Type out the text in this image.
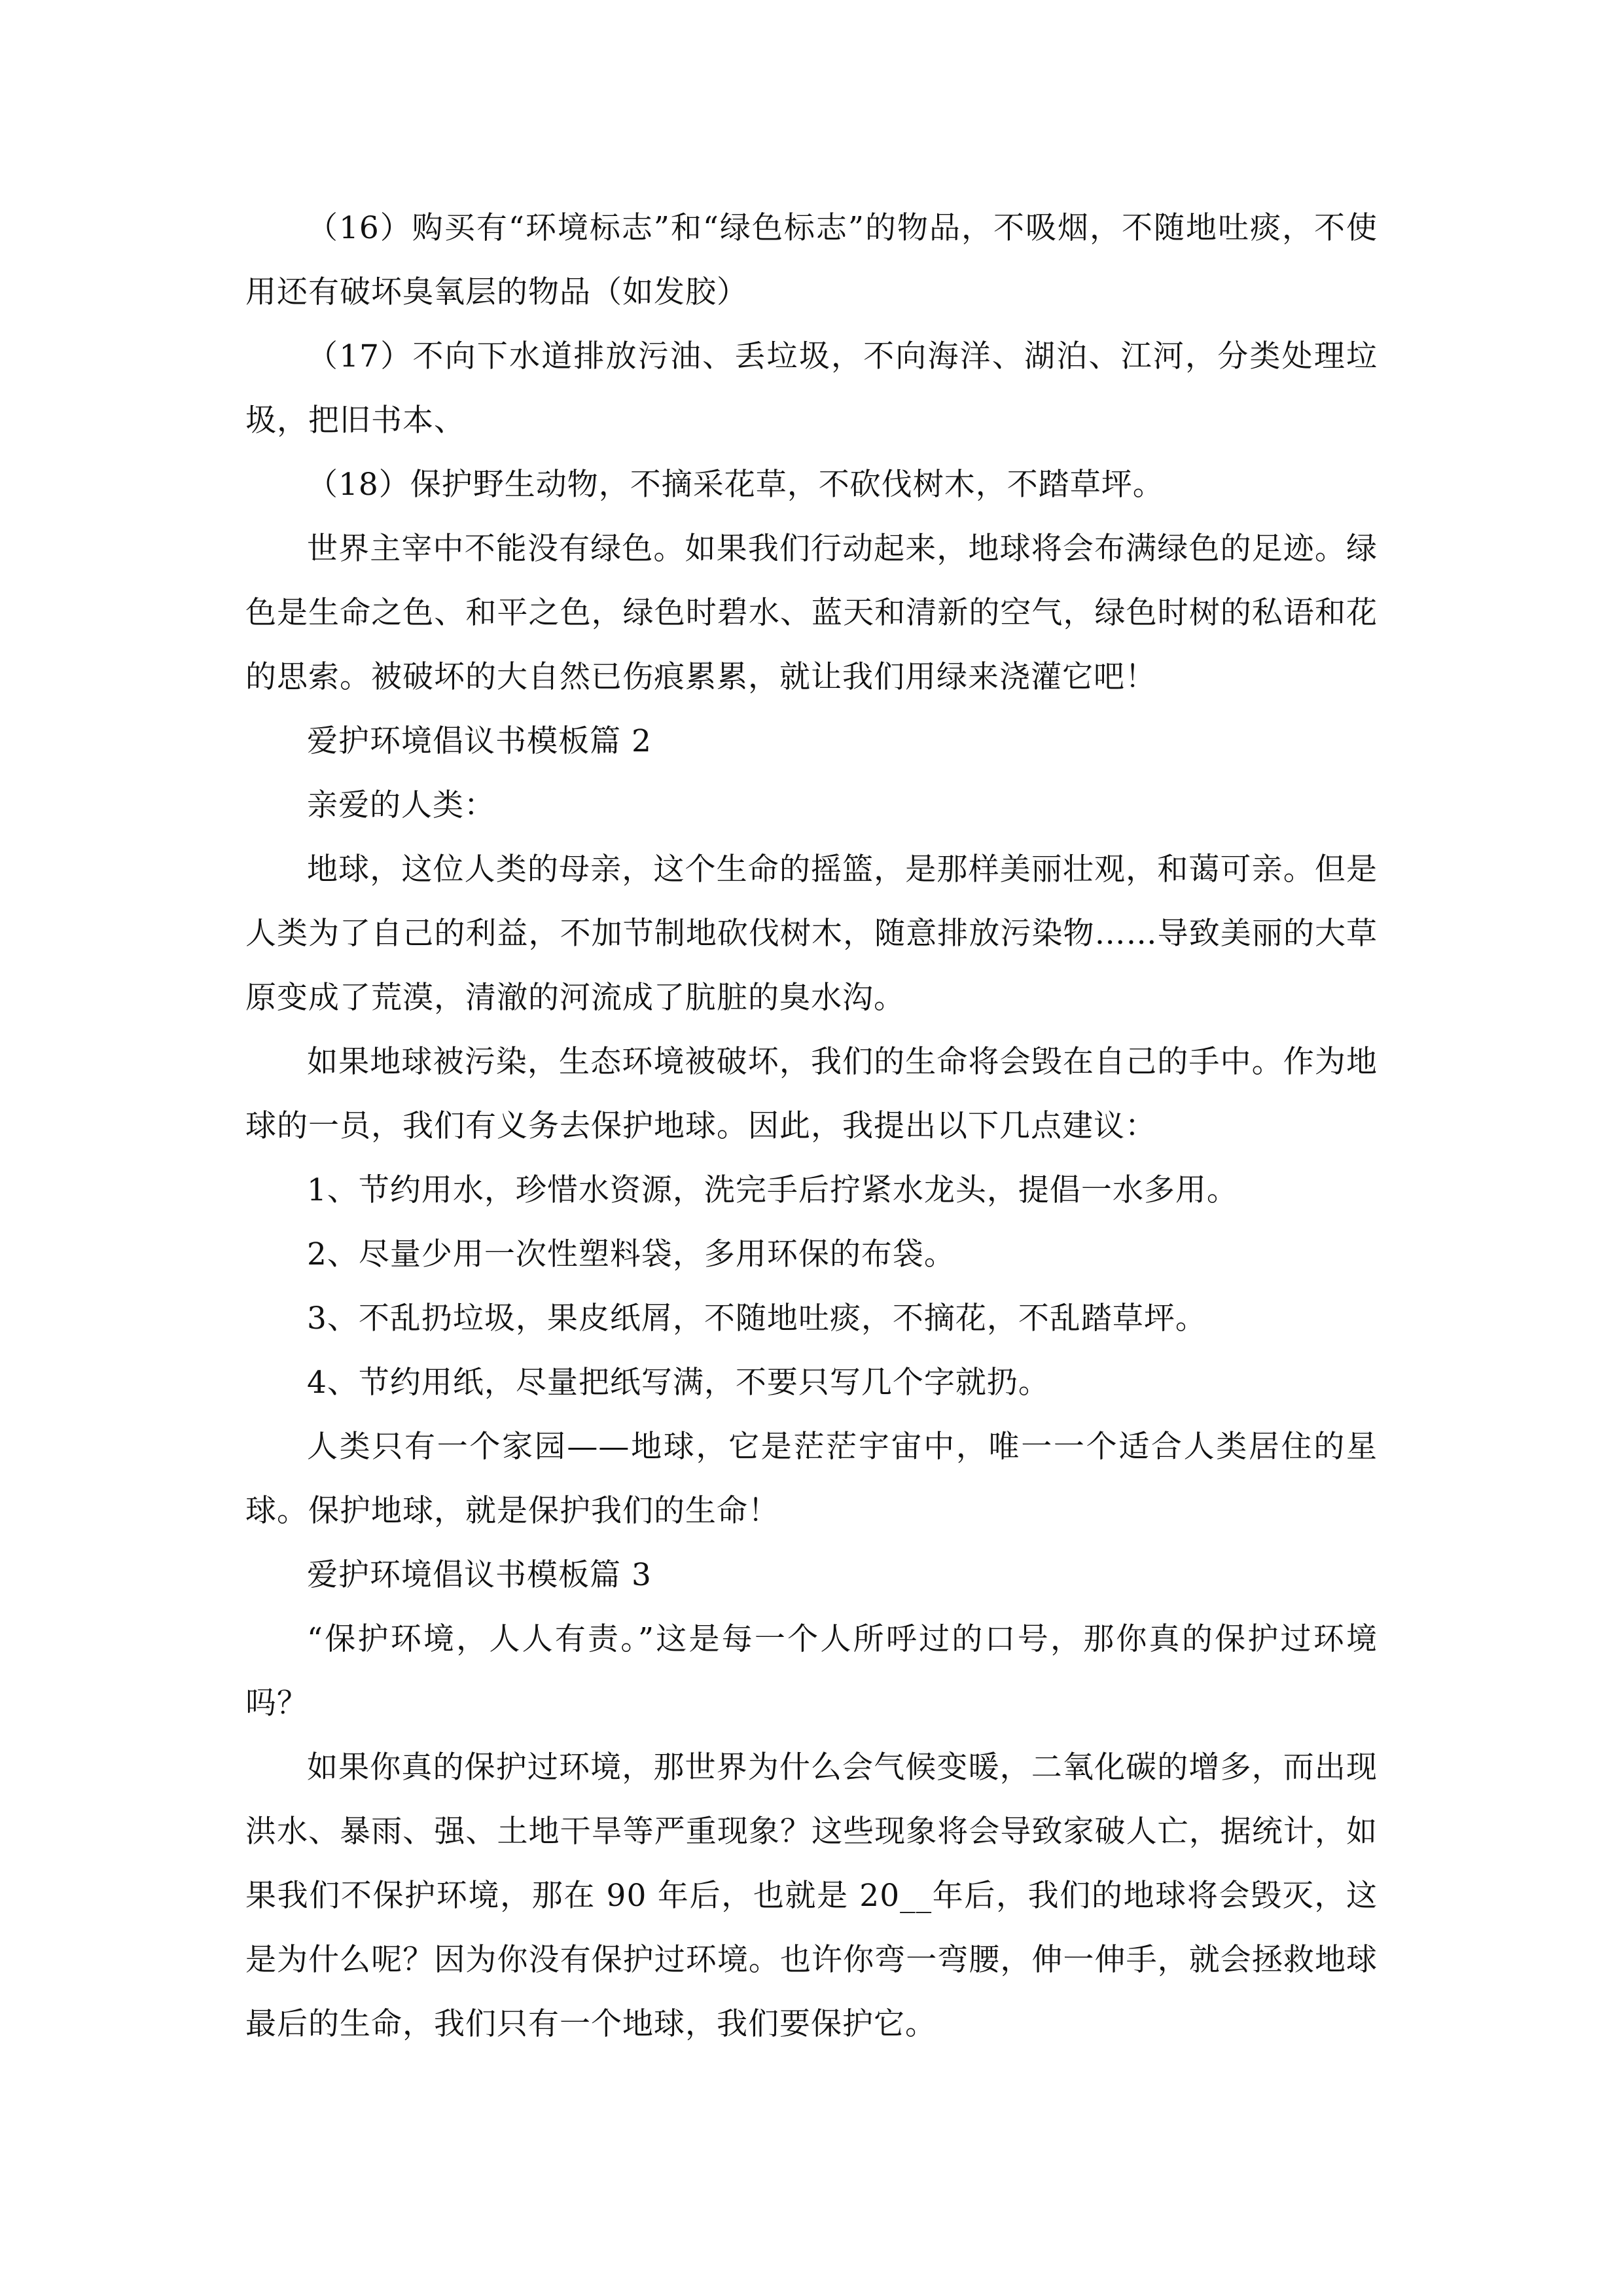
（16）购买有“环境标志”和“绿色标志”的物品，不吸烟，不随地吐痰，不使用还有破坏臭氧层的物品（如发胶）

（17）不向下水道排放污油、丢垃圾，不向海洋、湖泊、江河，分类处理垃圾，把旧书本、

（18）保护野生动物，不摘采花草，不砍伐树木，不踏草坪。

世界主宰中不能没有绿色。如果我们行动起来，地球将会布满绿色的足迹。绿色是生命之色、和平之色，绿色时碧水、蓝天和清新的空气，绿色时树的私语和花的思索。被破坏的大自然已伤痕累累，就让我们用绿来浇灌它吧！

爱护环境倡议书模板篇 2

亲爱的人类：

地球，这位人类的母亲，这个生命的摇篮，是那样美丽壮观，和蔼可亲。但是人类为了自己的利益，不加节制地砍伐树木，随意排放污染物……导致美丽的大草原变成了荒漠，清澈的河流成了肮脏的臭水沟。

如果地球被污染，生态环境被破坏，我们的生命将会毁在自己的手中。作为地球的一员，我们有义务去保护地球。因此，我提出以下几点建议：

1、节约用水，珍惜水资源，洗完手后拧紧水龙头，提倡一水多用。

2、尽量少用一次性塑料袋，多用环保的布袋。

3、不乱扔垃圾，果皮纸屑，不随地吐痰，不摘花，不乱踏草坪。

4、节约用纸，尽量把纸写满，不要只写几个字就扔。

人类只有一个家园——地球，它是茫茫宇宙中，唯一一个适合人类居住的星球。保护地球，就是保护我们的生命！

爱护环境倡议书模板篇 3

“保护环境，人人有责。”这是每一个人所呼过的口号，那你真的保护过环境吗？

如果你真的保护过环境，那世界为什么会气候变暖，二氧化碳的增多，而出现洪水、暴雨、强、土地干旱等严重现象？这些现象将会导致家破人亡，据统计，如果我们不保护环境，那在 90 年后，也就是 20__年后，我们的地球将会毁灭，这是为什么呢？因为你没有保护过环境。也许你弯一弯腰，伸一伸手，就会拯救地球最后的生命，我们只有一个地球，我们要保护它。
